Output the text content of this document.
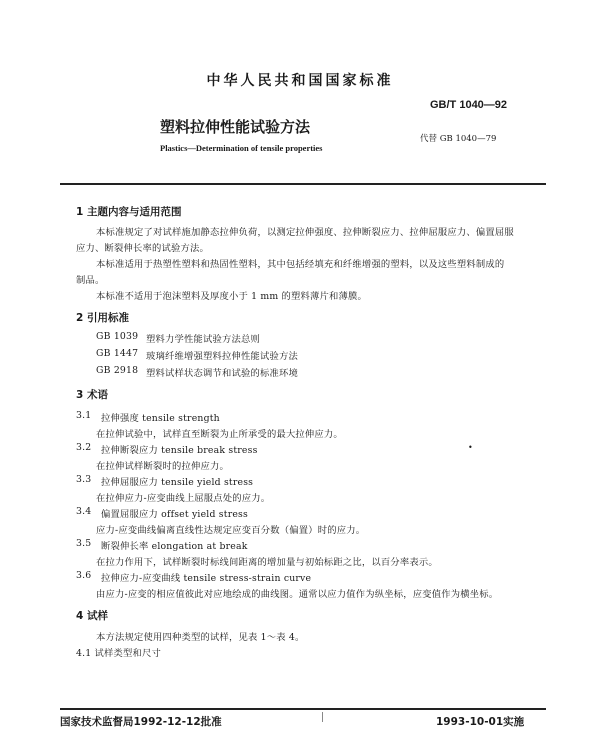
中华人民共和国国家标准
GB/T 1040—92
塑料拉伸性能试验方法
代替 GB 1040—79
Plastics—Determination of tensile properties
1 主题内容与适用范围
本标准规定了对试样施加静态拉伸负荷，以测定拉伸强度、拉伸断裂应力、拉伸屈服应力、偏置屈服
应力、断裂伸长率的试验方法。
本标准适用于热塑性塑料和热固性塑料，其中包括经填充和纤维增强的塑料，以及这些塑料制成的
制品。
本标准不适用于泡沫塑料及厚度小于 1 mm 的塑料薄片和薄膜。
2 引用标准
GB 1039 塑料力学性能试验方法总则
GB 1447 玻璃纤维增强塑料拉伸性能试验方法
GB 2918 塑料试样状态调节和试验的标准环境
3 术语
3.1 拉伸强度 tensile strength
在拉伸试验中，试样直至断裂为止所承受的最大拉伸应力。
3.2 拉伸断裂应力 tensile break stress	•
在拉伸试样断裂时的拉伸应力。
3.3 拉伸屈服应力 tensile yield stress
在拉伸应力-应变曲线上屈服点处的应力。
3.4 偏置屈服应力 offset yield stress
应力-应变曲线偏离直线性达规定应变百分数（偏置）时的应力。
3.5 断裂伸长率 elongation at break
在拉力作用下，试样断裂时标线间距离的增加量与初始标距之比，以百分率表示。
3.6 拉伸应力-应变曲线 tensile stress-strain curve
由应力-应变的相应值彼此对应地绘成的曲线图。通常以应力值作为纵坐标，应变值作为横坐标。
4 试样
本方法规定使用四种类型的试样，见表 1～表 4。
4.1 试样类型和尺寸
国家技术监督局1992-12-12批准	1993-10-01实施
